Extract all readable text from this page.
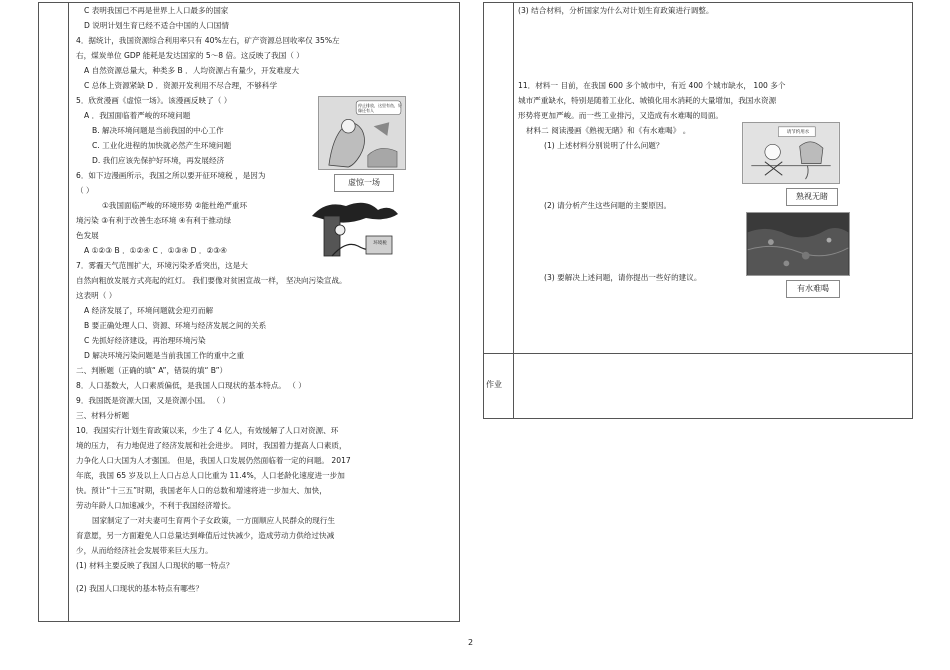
作业
C 表明我国已不再是世界上人口最多的国家
D 说明计划生育已经不适合中国的人口国情
4．据统计，我国资源综合利用率只有 40%左右，矿产资源总回收率仅 35%左
右，煤炭单位 GDP 能耗是发达国家的 5～8 倍。这反映了我国（ ）
A 自然资源总量大，种类多 B ．人均资源占有量少，开发难度大
C 总体上资源紧缺 D ．资源开发利用不尽合理，不够科学
5．欣赏漫画《虚惊一场》。该漫画反映了（ ）
A ．我国面临着严峻的环境问题
B. 解决环境问题是当前我国的中心工作
C. 工业化进程的加快就必然产生环境问题
D. 我们应该先保护好环境，再发展经济
6．如下边漫画所示，我国之所以要开征环境税 ，是因为
（ ）
①我国面临严峻的环境形势 ②能杜绝严重环
境污染 ③有利于改善生态环境 ④有利于推动绿
色发展
A ①②③ B ．①②④ C ．①③④ D ．②③④
7．雾霾天气范围扩大，环境污染矛盾突出，这是大
自然向粗放发展方式亮起的红灯。 我们要像对贫困宣战一样， 坚决向污染宣战。
这表明（ ）
A 经济发展了，环境问题就会迎刃而解
B 要正确处理人口、资源、环境与经济发展之间的关系
C 先抓好经济建设，再治理环境污染
D 解决环境污染问题是当前我国工作的重中之重
二、判断题（正确的填“ A”，错误的填“ B”）
8．人口基数大，人口素质偏低，是我国人口现状的基本特点。 （ ）
9．我国既是资源大国，又是资源小国。 （ ）
三、材料分析题
10．我国实行计划生育政策以来，少生了 4 亿人，有效缓解了人口对资源、环
境的压力， 有力地促进了经济发展和社会进步。 同时，我国着力提高人口素质，
力争化人口大国为人才强国。 但是，我国人口发展仍然面临着一定的问题。 2017
年底，我国 65 岁及以上人口占总人口比重为 11.4%，人口老龄化速度进一步加
快。预计“十三五”时期，我国老年人口的总数和增速将进一步加大、加快，
劳动年龄人口加速减少，不利于我国经济增长。
国家制定了一对夫妻可生育两个子女政策，一方面顺应人民群众的现行生
育意愿，另一方面避免人口总量达到峰值后过快减少，造成劳动力供给过快减
少，从而给经济社会发展带来巨大压力。
(1) 材料主要反映了我国人口现状的哪一特点？
(2) 我国人口现状的基本特点有哪些？
停止排放，这里有鱼，好像还有人
虚惊一场
环境税
(3) 结合材料，分析国家为什么对计划生育政策进行调整。
11．材料一 目前，在我国 600 多个城市中，有近 400 个城市缺水， 100 多个
城市严重缺水，特别是随着工业化、城镇化用水消耗的大量增加，我国水资源
形势将更加严峻。而一些工业排污，又造成有水难喝的局面。
材料二 阅读漫画《熟视无睹》和《有水难喝》 。
(1) 上述材料分别说明了什么问题？
(2) 请分析产生这些问题的主要原因。
(3) 要解决上述问题，请你提出一些好的建议。
请节约用水
熟视无睹
有水难喝
2
